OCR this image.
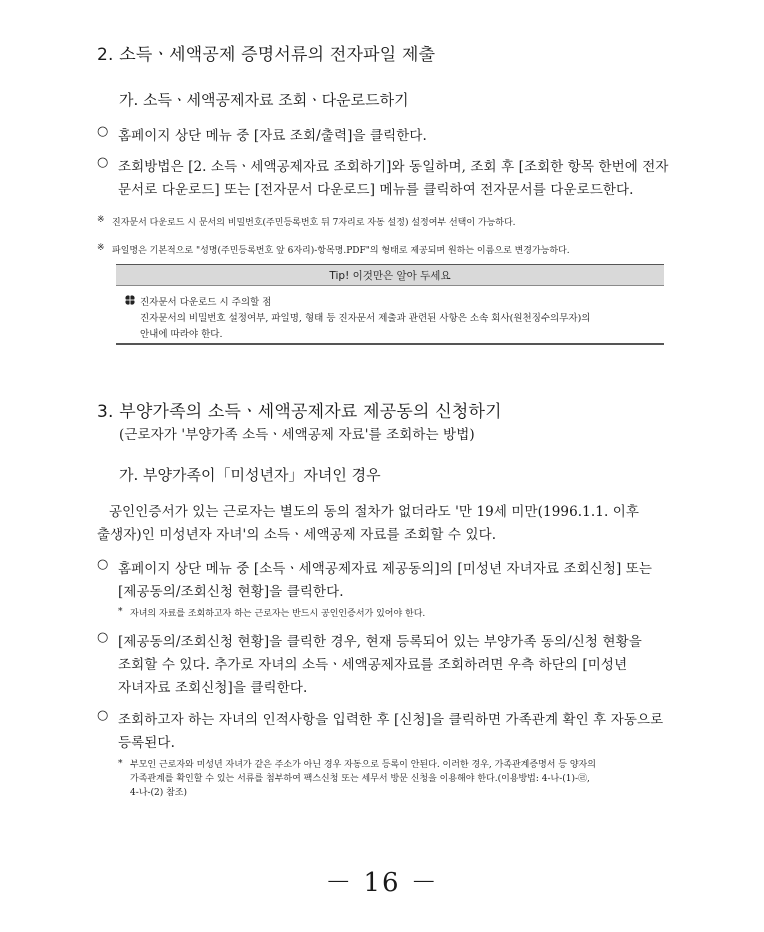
2. 소득ㆍ세액공제 증명서류의 전자파일 제출
가. 소득ㆍ세액공제자료 조회ㆍ다운로드하기
○ 홈페이지 상단 메뉴 중 [자료 조회/출력]을 클릭한다.
○ 조회방법은 [2. 소득ㆍ세액공제자료 조회하기]와 동일하며, 조회 후 [조회한 항목 한번에 전자
문서로 다운로드] 또는 [전자문서 다운로드] 메뉴를 클릭하여 전자문서를 다운로드한다.
※ 진자문서 다운로드 시 문서의 비밀번호(주민등록번호 뒤 7자리로 자동 설정) 설정여부 선택이 가능하다.
※ 파일명은 기본적으로 "성명(주민등록번호 앞 6자리)-항목명.PDF"의 형태로 제공되며 원하는 이름으로 변경가능하다.
Tip! 이것만은 알아 두세요
진자문서 다운로드 시 주의할 점
진자문서의 비밀번호 설정여부, 파일명, 형태 등 진자문서 제출과 관련된 사항은 소속 회사(원천징수의무자)의
안내에 따라야 한다.
3. 부양가족의 소득ㆍ세액공제자료 제공동의 신청하기
(근로자가 '부양가족 소득ㆍ세액공제 자료'를 조회하는 방법)
가. 부양가족이「미성년자」자녀인 경우
공인인증서가 있는 근로자는 별도의 동의 절차가 없더라도 '만 19세 미만(1996.1.1. 이후
출생자)인 미성년자 자녀'의 소득ㆍ세액공제 자료를 조회할 수 있다.
○ 홈페이지 상단 메뉴 중 [소득ㆍ세액공제자료 제공동의]의 [미성년 자녀자료 조회신청] 또는
[제공동의/조회신청 현황]을 클릭한다.
* 자녀의 자료를 조회하고자 하는 근로자는 반드시 공인인증서가 있어야 한다.
○ [제공동의/조회신청 현황]을 클릭한 경우, 현재 등록되어 있는 부양가족 동의/신청 현황을
조회할 수 있다. 추가로 자녀의 소득ㆍ세액공제자료를 조회하려면 우측 하단의 [미성년
자녀자료 조회신청]을 클릭한다.
○ 조회하고자 하는 자녀의 인적사항을 입력한 후 [신청]을 클릭하면 가족관계 확인 후 자동으로
등록된다.
* 부모인 근로자와 미성년 자녀가 같은 주소가 아닌 경우 자동으로 등록이 안된다. 이러한 경우, 가족관계증명서 등 양자의
가족관계를 확인할 수 있는 서류를 첨부하여 팩스신청 또는 세무서 방문 신청을 이용해야 한다.(이용방법: 4-나-(1)-㉣,
4-나-(2) 참조)
－ 16 －
